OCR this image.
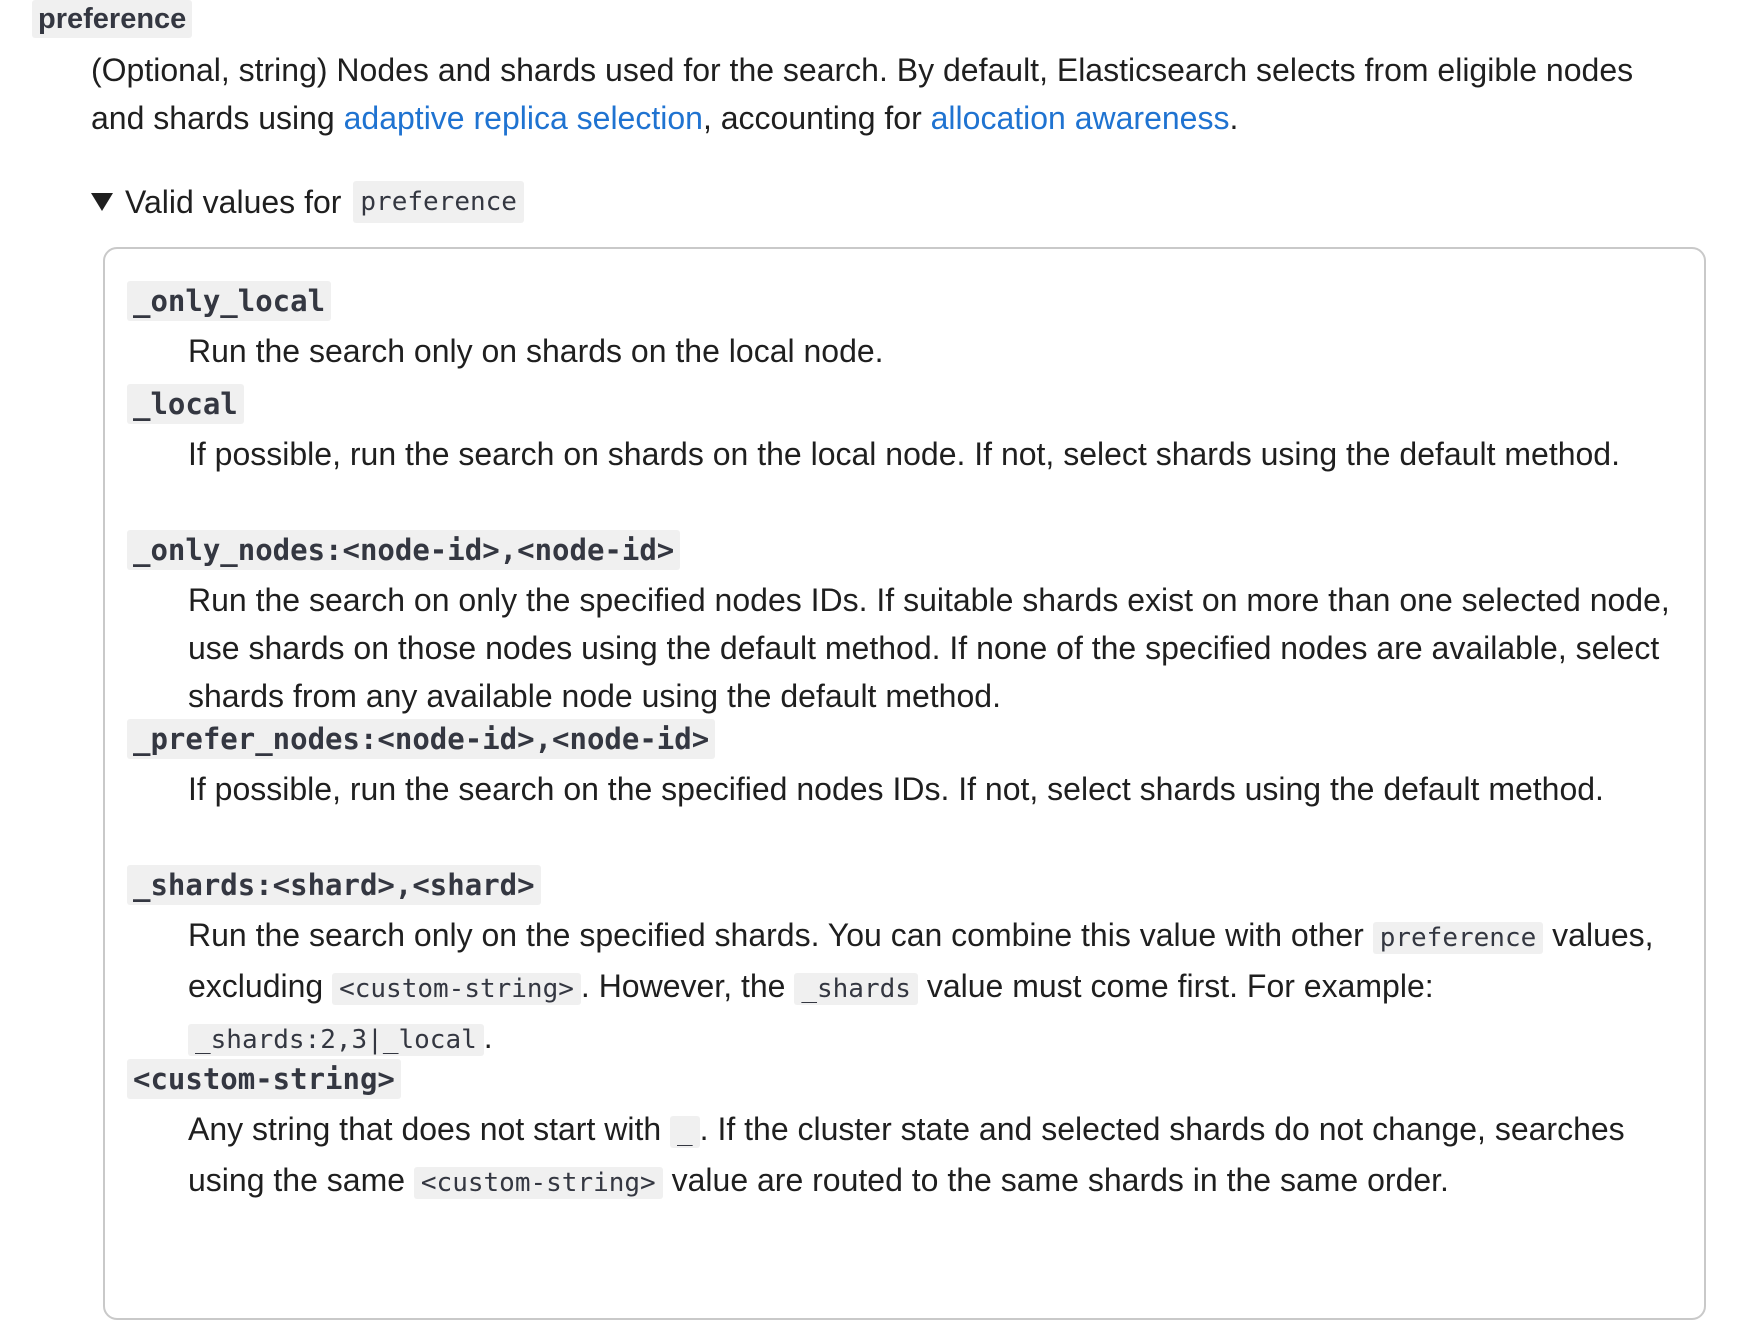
preference
(Optional, string) Nodes and shards used for the search. By default, Elasticsearch selects from eligible nodes and shards using adaptive replica selection, accounting for allocation awareness.
Valid values for preference
_only_local
Run the search only on shards on the local node.
_local
If possible, run the search on shards on the local node. If not, select shards using the default method.
_only_nodes:<node-id>,<node-id>
Run the search on only the specified nodes IDs. If suitable shards exist on more than one selected node, use shards on those nodes using the default method. If none of the specified nodes are available, select shards from any available node using the default method.
_prefer_nodes:<node-id>,<node-id>
If possible, run the search on the specified nodes IDs. If not, select shards using the default method.
_shards:<shard>,<shard>
Run the search only on the specified shards. You can combine this value with other preference values, excluding <custom-string> . However, the _shards value must come first. For example: _shards:2,3|_local .
<custom-string>
Any string that does not start with _ . If the cluster state and selected shards do not change, searches using the same <custom-string> value are routed to the same shards in the same order.
